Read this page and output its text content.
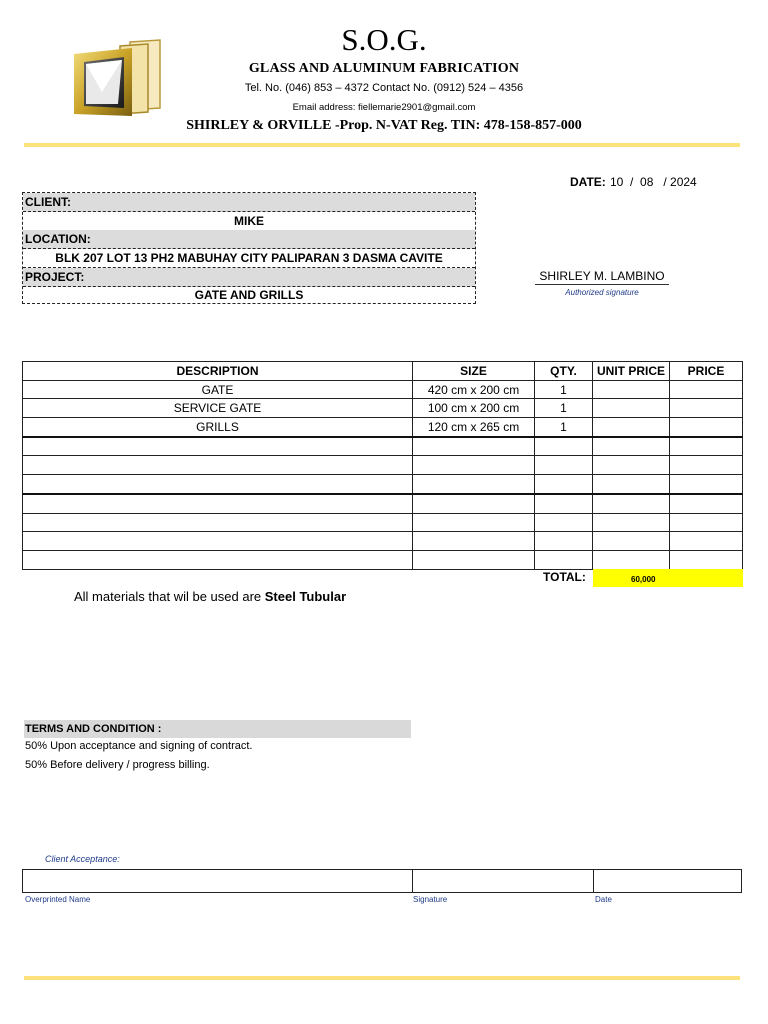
S.O.G.
GLASS AND ALUMINUM FABRICATION
Tel. No. (046) 853 – 4372 Contact No. (0912) 524 – 4356
Email address: fiellemarie2901@gmail.com
SHIRLEY & ORVILLE -Prop. N-VAT Reg. TIN: 478-158-857-000
CLIENT:
MIKE
LOCATION:
BLK 207 LOT 13 PH2 MABUHAY CITY PALIPARAN 3 DASMA CAVITE
PROJECT:
GATE AND GRILLS
DATE: 10  /  08   / 2024
SHIRLEY M. LAMBINO
Authorized signature
DESCRIPTION	SIZE	QTY.	UNIT PRICE	PRICE
GATE	420 cm x 200 cm	1		
SERVICE GATE	100 cm x 200 cm	1		
GRILLS	120 cm x 265 cm	1		

TOTAL:	60,000
All materials that wil be used are Steel Tubular
TERMS AND CONDITION :
50% Upon acceptance and signing of contract.
50% Before delivery / progress billing.
Client Acceptance:
Overprinted Name	Signature	Date
